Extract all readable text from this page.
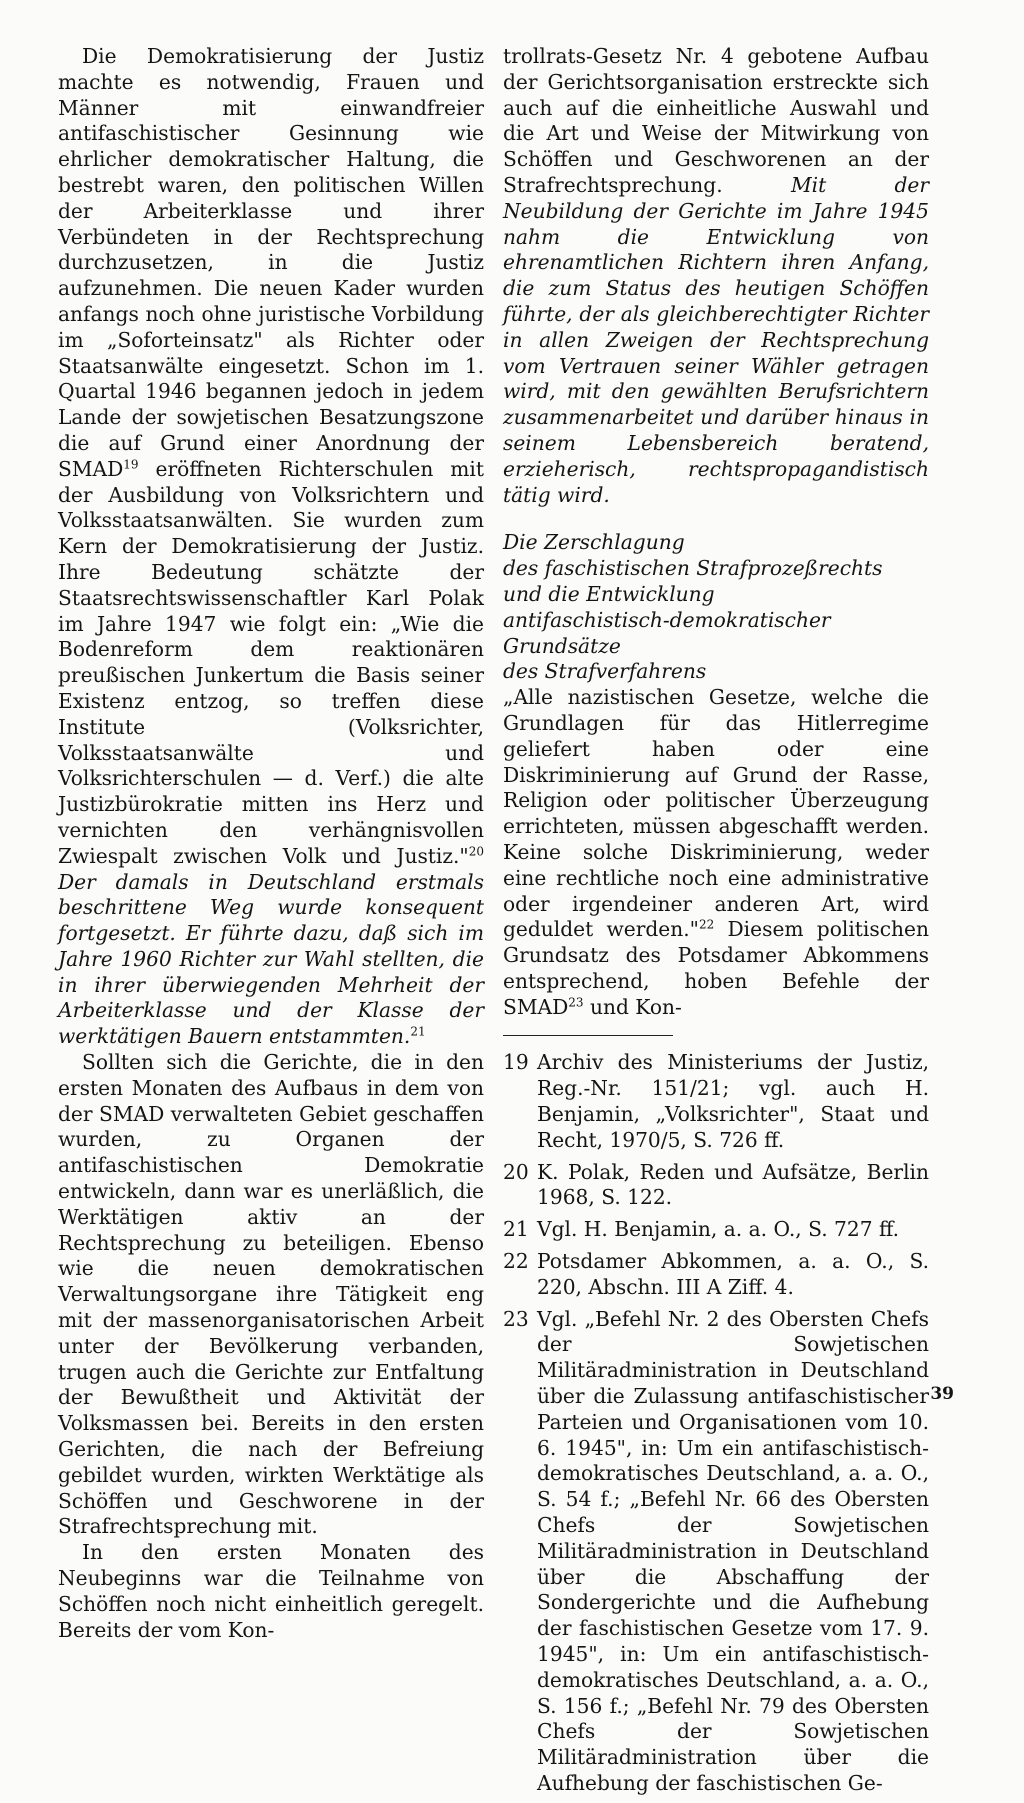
Die Demokratisierung der Justiz machte es notwendig, Frauen und Männer mit einwandfreier antifaschistischer Gesinnung wie ehrlicher demokratischer Haltung, die bestrebt waren, den politischen Willen der Arbeiterklasse und ihrer Verbündeten in der Rechtsprechung durchzusetzen, in die Justiz aufzunehmen. Die neuen Kader wurden anfangs noch ohne juristische Vorbildung im „Soforteinsatz" als Richter oder Staatsanwälte eingesetzt. Schon im 1. Quartal 1946 begannen jedoch in jedem Lande der sowjetischen Besatzungszone die auf Grund einer Anordnung der SMAD$^{19}$ eröffneten Richterschulen mit der Ausbildung von Volksrichtern und Volksstaatsanwälten. Sie wurden zum Kern der Demokratisierung der Justiz. Ihre Bedeutung schätzte der Staatsrechtswissenschaftler Karl Polak im Jahre 1947 wie folgt ein: „Wie die Bodenreform dem reaktionären preußischen Junkertum die Basis seiner Existenz entzog, so treffen diese Institute (Volksrichter, Volksstaatsanwälte und Volksrichterschulen — d. Verf.) die alte Justizbürokratie mitten ins Herz und vernichten den verhängnisvollen Zwiespalt zwischen Volk und Justiz."$^{20}$ Der damals in Deutschland erstmals beschrittene Weg wurde konsequent fortgesetzt. Er führte dazu, daß sich im Jahre 1960 Richter zur Wahl stellten, die in ihrer überwiegenden Mehrheit der Arbeiterklasse und der Klasse der werktätigen Bauern entstammten.$^{21}$

Sollten sich die Gerichte, die in den ersten Monaten des Aufbaus in dem von der SMAD verwalteten Gebiet geschaffen wurden, zu Organen der antifaschistischen Demokratie entwickeln, dann war es unerläßlich, die Werktätigen aktiv an der Rechtsprechung zu beteiligen. Ebenso wie die neuen demokratischen Verwaltungsorgane ihre Tätigkeit eng mit der massenorganisatorischen Arbeit unter der Bevölkerung verbanden, trugen auch die Gerichte zur Entfaltung der Bewußtheit und Aktivität der Volksmassen bei. Bereits in den ersten Gerichten, die nach der Befreiung gebildet wurden, wirkten Werktätige als Schöffen und Geschworene in der Strafrechtsprechung mit.

In den ersten Monaten des Neubeginns war die Teilnahme von Schöffen noch nicht einheitlich geregelt. Bereits der vom Kon-

trollrats-Gesetz Nr. 4 gebotene Aufbau der Gerichtsorganisation erstreckte sich auch auf die einheitliche Auswahl und die Art und Weise der Mitwirkung von Schöffen und Geschworenen an der Strafrechtsprechung. Mit der Neubildung der Gerichte im Jahre 1945 nahm die Entwicklung von ehrenamtlichen Richtern ihren Anfang, die zum Status des heutigen Schöffen führte, der als gleichberechtigter Richter in allen Zweigen der Rechtsprechung vom Vertrauen seiner Wähler getragen wird, mit den gewählten Berufsrichtern zusammenarbeitet und darüber hinaus in seinem Lebensbereich beratend, erzieherisch, rechtspropagandistisch tätig wird.

Die Zerschlagung

des faschistischen Strafprozeßrechts

und die Entwicklung

antifaschistisch-demokratischer Grundsätze

des Strafverfahrens

„Alle nazistischen Gesetze, welche die Grundlagen für das Hitlerregime geliefert haben oder eine Diskriminierung auf Grund der Rasse, Religion oder politischer Überzeugung errichteten, müssen abgeschafft werden. Keine solche Diskriminierung, weder eine rechtliche noch eine administrative oder irgendeiner anderen Art, wird geduldet werden."$^{22}$ Diesem politischen Grundsatz des Potsdamer Abkommens entsprechend, hoben Befehle der SMAD$^{23}$ und Kon-

19 Archiv des Ministeriums der Justiz, Reg.-Nr. 151/21; vgl. auch H. Benjamin, „Volksrichter", Staat und Recht, 1970/5, S. 726 ff.

20 K. Polak, Reden und Aufsätze, Berlin 1968, S. 122.

21 Vgl. H. Benjamin, a. a. O., S. 727 ff.

22 Potsdamer Abkommen, a. a. O., S. 220, Abschn. III A Ziff. 4.

23 Vgl. „Befehl Nr. 2 des Obersten Chefs der Sowjetischen Militäradministration in Deutschland über die Zulassung antifaschistischer Parteien und Organisationen vom 10. 6. 1945", in: Um ein antifaschistisch-demokratisches Deutschland, a. a. O., S. 54 f.; „Befehl Nr. 66 des Obersten Chefs der Sowjetischen Militäradministration in Deutschland über die Abschaffung der Sondergerichte und die Aufhebung der faschistischen Gesetze vom 17. 9. 1945", in: Um ein antifaschistisch-demokratisches Deutschland, a. a. O., S. 156 f.; „Befehl Nr. 79 des Obersten Chefs der Sowjetischen Militäradministration über die Aufhebung der faschistischen Ge-

39
